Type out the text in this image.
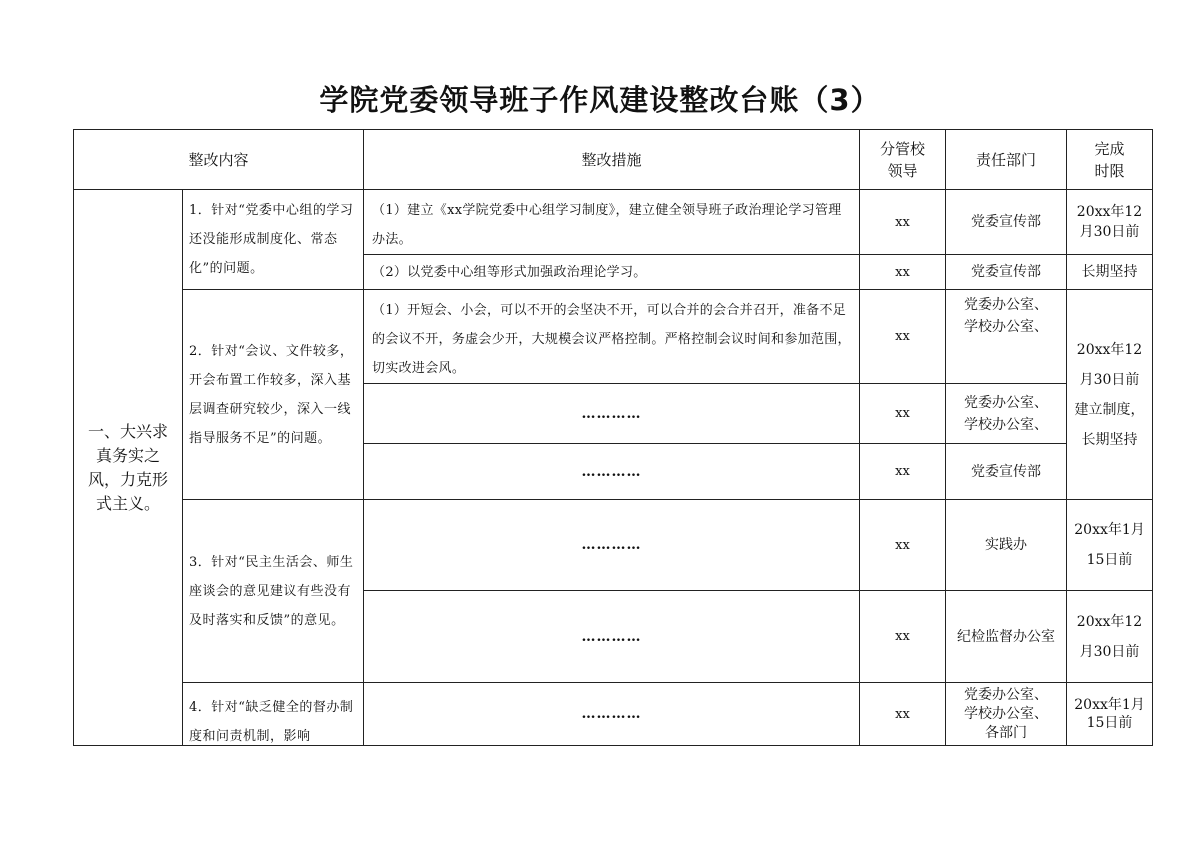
学院党委领导班子作风建设整改台账（3）
整改内容		整改措施	分管校领导	责任部门	完成时限

一、大兴求真务实之风，力克形式主义。	1．针对“党委中心组的学习还没能形成制度化、常态化”的问题。	（1）建立《xx学院党委中心组学习制度》，建立健全领导班子政治理论学习管理办法。	xx	党委宣传部	20xx年12月30日前
		（2）以党委中心组等形式加强政治理论学习。	xx	党委宣传部	长期坚持
	2．针对“会议、文件较多，开会布置工作较多，深入基层调查研究较少，深入一线指导服务不足”的问题。	（1）开短会、小会，可以不开的会坚决不开，可以合并的会合并召开，准备不足的会议不开，务虚会少开，大规模会议严格控制。严格控制会议时间和参加范围，切实改进会风。	xx	党委办公室、学校办公室、	20xx年12月30日前建立制度，长期坚持
		…………	xx	党委办公室、学校办公室、	

		…………	xx	党委宣传部	
	3．针对“民主生活会、师生座谈会的意见建议有些没有及时落实和反馈”的意见。	…………	xx	实践办	20xx年1月15日前
		…………	xx	纪检监督办公室	20xx年12月30日前

	4．针对“缺乏健全的督办制度和问责机制，影响	…………	xx	党委办公室、学校办公室、各部门	20xx年1月15日前
